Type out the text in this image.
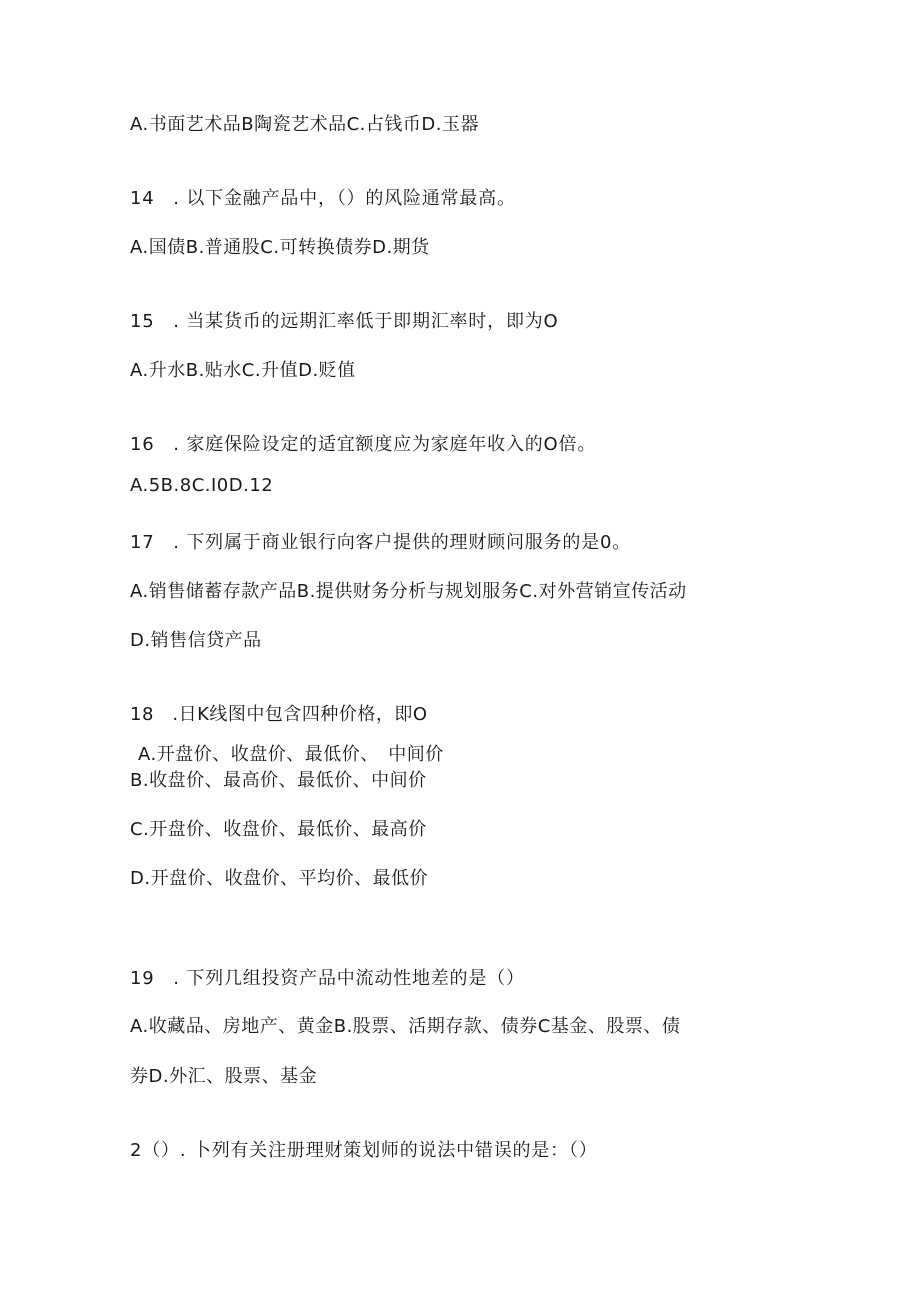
A.书面艺术品B陶瓷艺术品C.占钱币D.玉器
14　. 以下金融产品中，（）的风险通常最高。
A.国债B.普通股C.可转换债券D.期货
15　. 当某货币的远期汇率低于即期汇率时，即为O
A.升水B.贴水C.升值D.贬值
16　. 家庭保险设定的适宜额度应为家庭年收入的O倍。
A.5B.8C.I0D.12
17　. 下列属于商业银行向客户提供的理财顾问服务的是0。
A.销售储蓄存款产品B.提供财务分析与规划服务C.对外营销宣传活动
D.销售信贷产品
18　.日K线图中包含四种价格，即O
A.开盘价、收盘价、最低价、　中间价
B.收盘价、最高价、最低价、中间价
C.开盘价、收盘价、最低价、最高价
D.开盘价、收盘价、平均价、最低价
19　. 下列几组投资产品中流动性地差的是（）
A.收藏品、房地产、黄金B.股票、活期存款、债券C基金、股票、债
券D.外汇、股票、基金
2（）. 卜列有关注册理财策划师的说法中错误的是：（）
